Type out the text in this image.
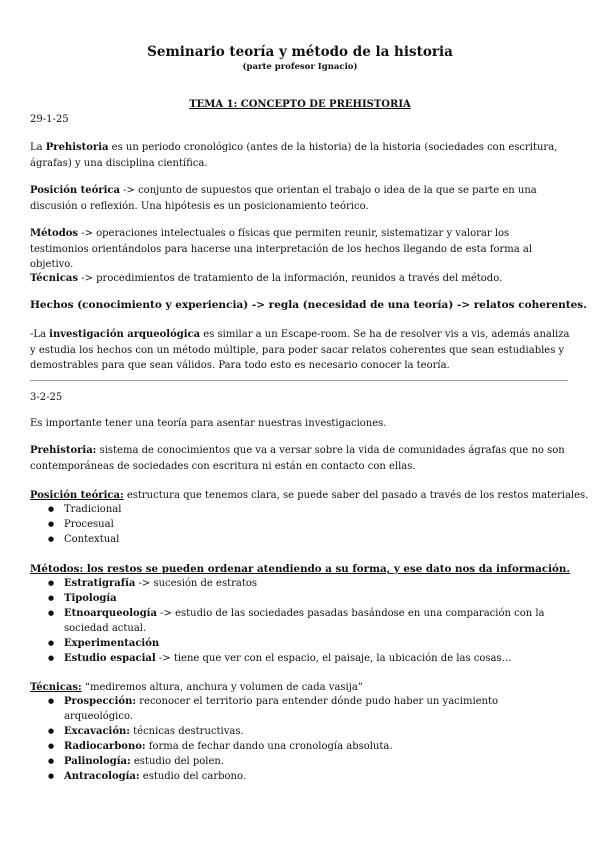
Seminario teoría y método de la historia
(parte profesor Ignacio)
TEMA 1: CONCEPTO DE PREHISTORIA
29-1-25
La Prehistoria es un periodo cronológico (antes de la historia) de la historia (sociedades con escritura, ágrafas) y una disciplina científica.
Posición teórica -> conjunto de supuestos que orientan el trabajo o idea de la que se parte en una discusión o reflexión. Una hipótesis es un posicionamiento teórico.
Métodos -> operaciones intelectuales o físicas que permiten reunir, sistematizar y valorar los testimonios orientándolos para hacerse una interpretación de los hechos llegando de esta forma al objetivo.
Técnicas -> procedimientos de tratamiento de la información, reunidos a través del método.
Hechos (conocimiento y experiencia) -> regla (necesidad de una teoría) -> relatos coherentes.
-La investigación arqueológica es similar a un Escape-room. Se ha de resolver vis a vis, además analiza y estudia los hechos con un método múltiple, para poder sacar relatos coherentes que sean estudiables y demostrables para que sean válidos. Para todo esto es necesario conocer la teoría.
3-2-25
Es importante tener una teoría para asentar nuestras investigaciones.
Prehistoria: sistema de conocimientos que va a versar sobre la vida de comunidades ágrafas que no son contemporáneas de sociedades con escritura ni están en contacto con ellas.
Posición teórica: estructura que tenemos clara, se puede saber del pasado a través de los restos materiales.
● Tradicional
● Procesual
● Contextual
Métodos: los restos se pueden ordenar atendiendo a su forma, y ese dato nos da información.
● Estratigrafía -> sucesión de estratos
● Tipología
● Etnoarqueología -> estudio de las sociedades pasadas basándose en una comparación con la sociedad actual.
● Experimentación
● Estudio espacial -> tiene que ver con el espacio, el paisaje, la ubicación de las cosas…
Técnicas: “mediremos altura, anchura y volumen de cada vasija”
● Prospección: reconocer el territorio para entender dónde pudo haber un yacimiento arqueológico.
● Excavación: técnicas destructivas.
● Radiocarbono: forma de fechar dando una cronología absoluta.
● Palinología: estudio del polen.
● Antracología: estudio del carbono.
